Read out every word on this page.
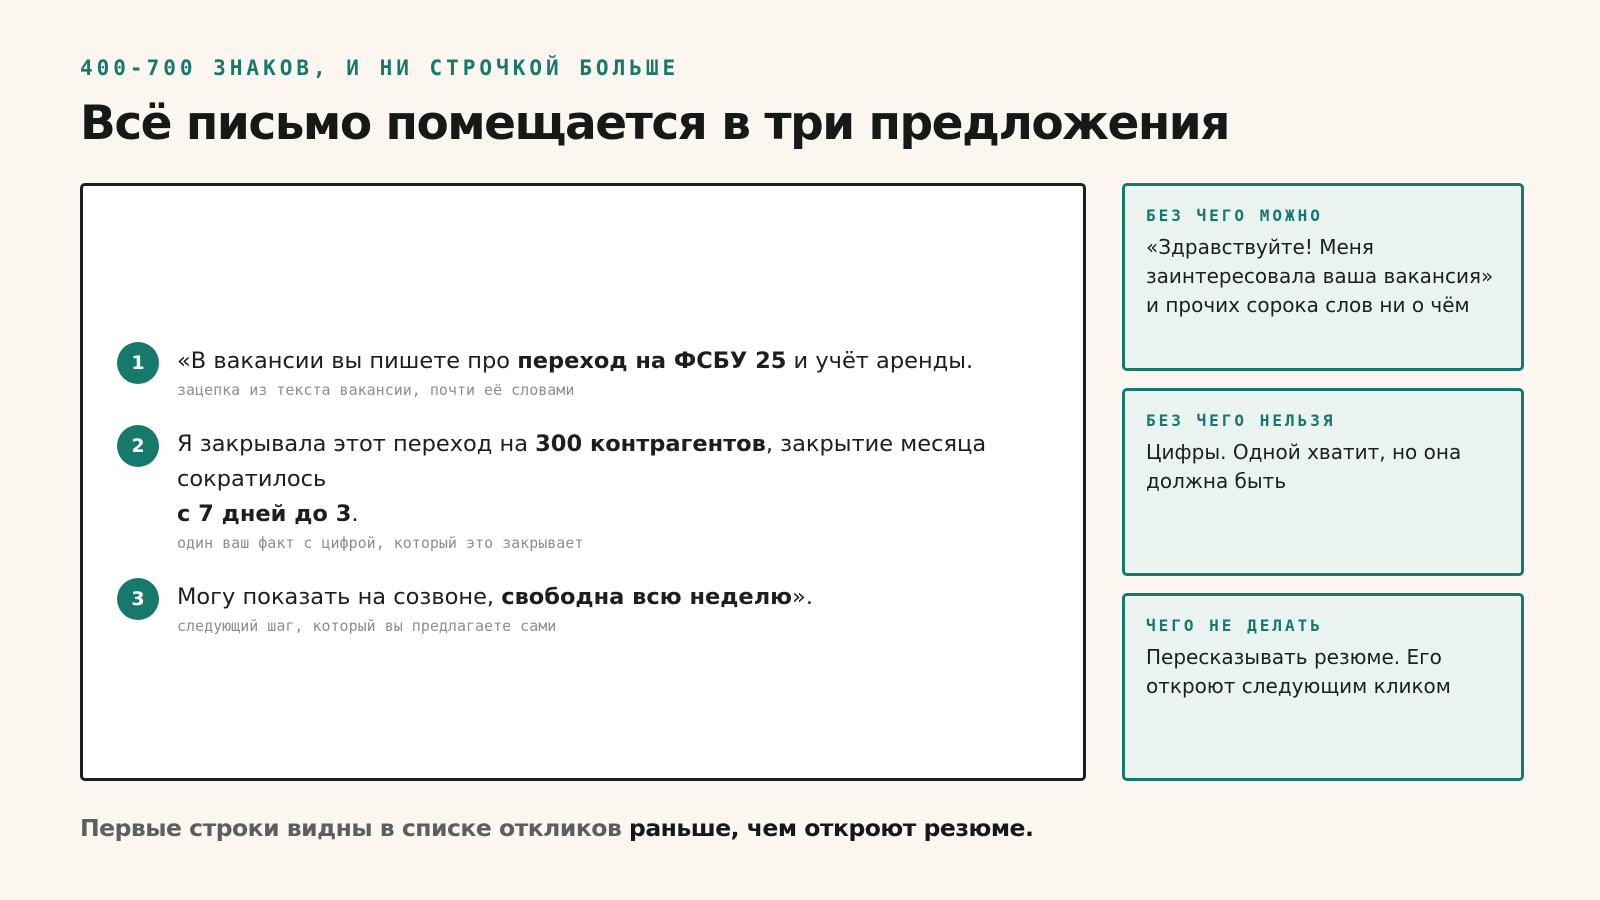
400-700 ЗНАКОВ, И НИ СТРОЧКОЙ БОЛЬШЕ
Всё письмо помещается в три предложения
1	«В вакансии вы пишете про переход на ФСБУ 25 и учёт аренды.
зацепка из текста вакансии, почти её словами
2	Я закрывала этот переход на 300 контрагентов, закрытие месяца сократилось
с 7 дней до 3.
один ваш факт с цифрой, который это закрывает
3	Могу показать на созвоне, свободна всю неделю».
следующий шаг, который вы предлагаете сами
БЕЗ ЧЕГО МОЖНО
«Здравствуйте! Меня заинтересовала ваша вакансия» и прочих сорока слов ни о чём
БЕЗ ЧЕГО НЕЛЬЗЯ
Цифры. Одной хватит, но она должна быть
ЧЕГО НЕ ДЕЛАТЬ
Пересказывать резюме. Его откроют следующим кликом
Первые строки видны в списке откликов раньше, чем откроют резюме.
